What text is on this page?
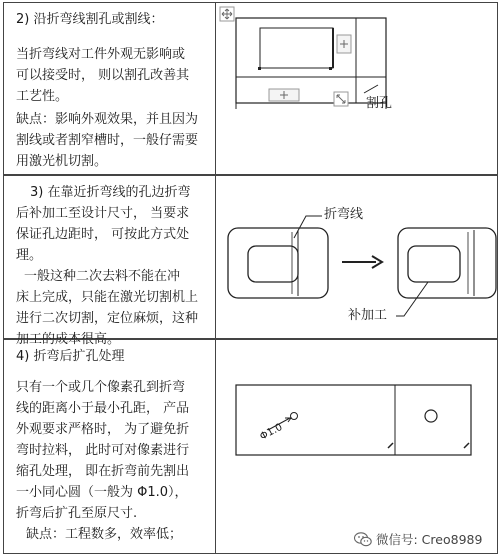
2) 沿折弯线割孔或割线：

当折弯线对工件外观无影响或

可以接受时， 则以割孔改善其

工艺性。

缺点：影响外观效果，并且因为

割线或者割窄槽时，一般仔需要

用激光机切割。

割孔

3) 在靠近折弯线的孔边折弯

后补加工至设计尺寸， 当要求

保证孔边距时， 可按此方式处

理。

一般这种二次去料不能在冲

床上完成，只能在激光切割机上

进行二次切割，定位麻烦，这种

加工的成本很高。

折弯线
补加工

4) 折弯后扩孔处理

只有一个或几个像素孔到折弯

线的距离小于最小孔距， 产品

外观要求严格时， 为了避免折

弯时拉料， 此时可对像素进行

缩孔处理， 即在折弯前先割出

一小同心圆（一般为 Φ1.0），

折弯后扩孔至原尺寸.

缺点：工程数多，效率低；

Φ1.0
微信号: Creo8989
